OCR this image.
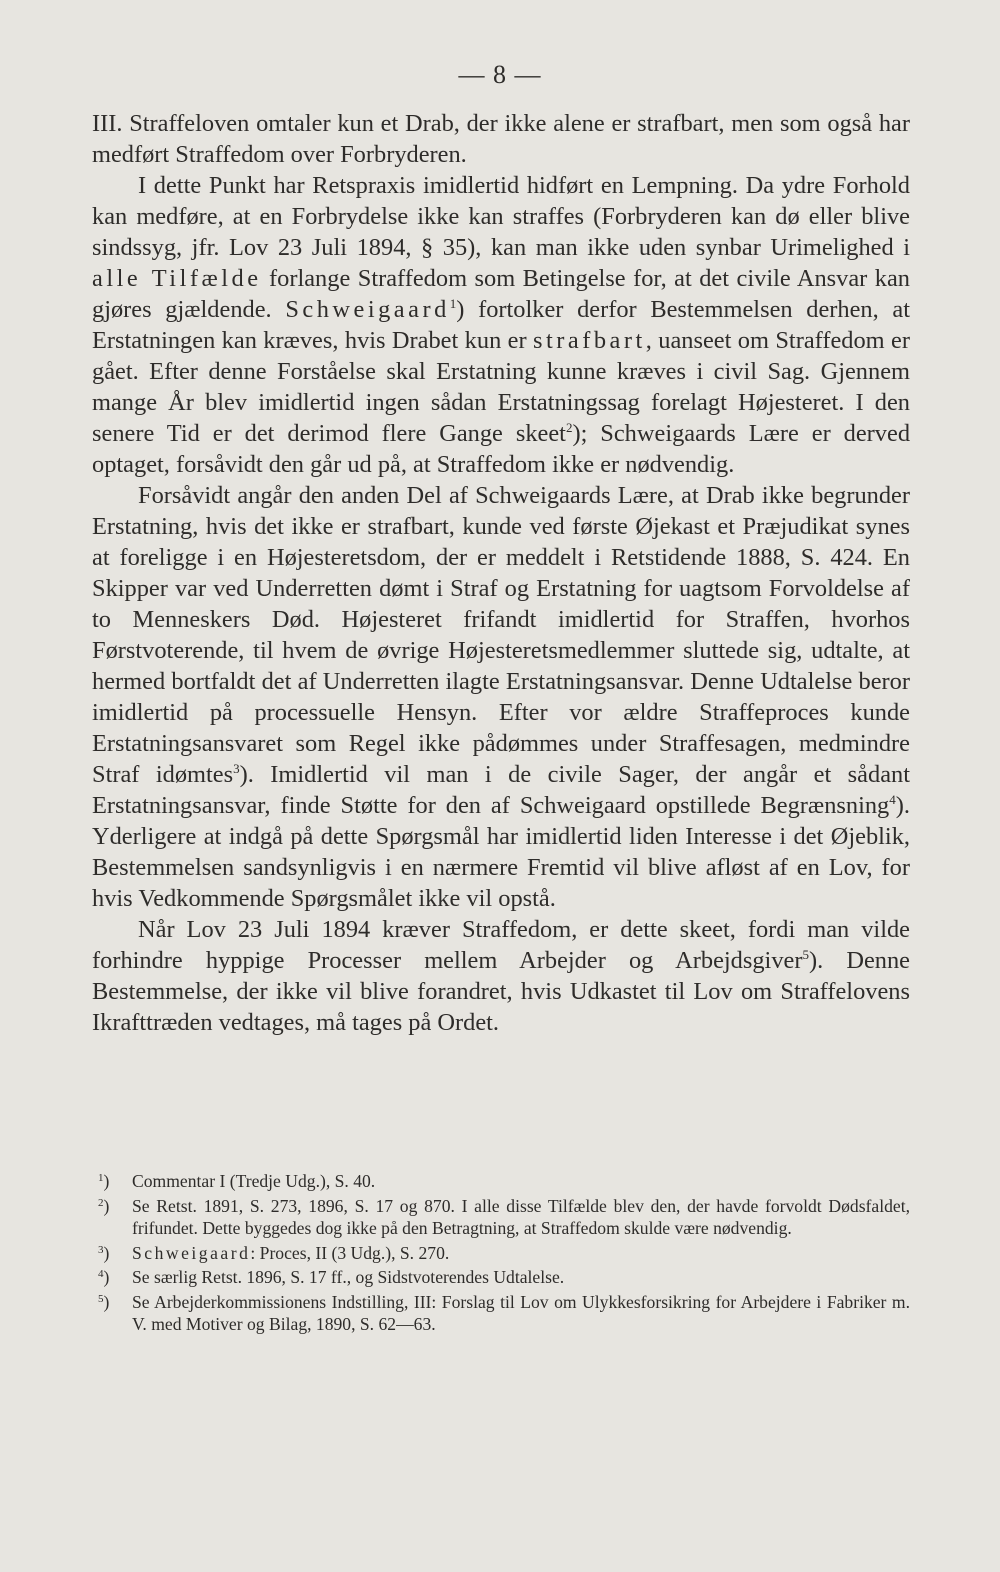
— 8 —

III. Straffeloven omtaler kun et Drab, der ikke alene er strafbart, men som også har medført Straffedom over Forbryderen.

I dette Punkt har Retspraxis imidlertid hidført en Lempning. Da ydre Forhold kan medføre, at en Forbrydelse ikke kan straffes (Forbryderen kan dø eller blive sindssyg, jfr. Lov 23 Juli 1894, § 35), kan man ikke uden synbar Urimelighed i alle Tilfælde forlange Straffedom som Betingelse for, at det civile Ansvar kan gjøres gjældende. Schweigaard$^1$) fortolker derfor Bestemmelsen derhen, at Erstatningen kan kræves, hvis Drabet kun er strafbart, uanseet om Straffedom er gået. Efter denne Forståelse skal Erstatning kunne kræves i civil Sag. Gjennem mange År blev imidlertid ingen sådan Erstatningssag forelagt Højesteret. I den senere Tid er det derimod flere Gange skeet$^2$); Schweigaards Lære er derved optaget, forsåvidt den går ud på, at Straffedom ikke er nødvendig.

Forsåvidt angår den anden Del af Schweigaards Lære, at Drab ikke begrunder Erstatning, hvis det ikke er strafbart, kunde ved første Øjekast et Præjudikat synes at foreligge i en Højesteretsdom, der er meddelt i Retstidende 1888, S. 424. En Skipper var ved Underretten dømt i Straf og Erstatning for uagtsom Forvoldelse af to Menneskers Død. Højesteret frifandt imidlertid for Straffen, hvorhos Førstvoterende, til hvem de øvrige Højesteretsmedlemmer sluttede sig, udtalte, at hermed bortfaldt det af Underretten ilagte Erstatningsansvar. Denne Udtalelse beror imidlertid på processuelle Hensyn. Efter vor ældre Straffeproces kunde Erstatningsansvaret som Regel ikke pådømmes under Straffesagen, medmindre Straf idømtes$^3$). Imidlertid vil man i de civile Sager, der angår et sådant Erstatningsansvar, finde Støtte for den af Schweigaard opstillede Begrænsning$^4$). Yderligere at indgå på dette Spørgsmål har imidlertid liden Interesse i det Øjeblik, Bestemmelsen sandsynligvis i en nærmere Fremtid vil blive afløst af en Lov, for hvis Vedkommende Spørgsmålet ikke vil opstå.

Når Lov 23 Juli 1894 kræver Straffedom, er dette skeet, fordi man vilde forhindre hyppige Processer mellem Arbejder og Arbejdsgiver$^5$). Denne Bestemmelse, der ikke vil blive forandret, hvis Udkastet til Lov om Straffelovens Ikrafttræden vedtages, må tages på Ordet.

$^1$) Commentar I (Tredje Udg.), S. 40.
$^2$) Se Retst. 1891, S. 273, 1896, S. 17 og 870. I alle disse Tilfælde blev den, der havde forvoldt Dødsfaldet, frifundet. Dette byggedes dog ikke på den Betragtning, at Straffedom skulde være nødvendig.
$^3$) Schweigaard: Proces, II (3 Udg.), S. 270.
$^4$) Se særlig Retst. 1896, S. 17 ff., og Sidstvoterendes Udtalelse.
$^5$) Se Arbejderkommissionens Indstilling, III: Forslag til Lov om Ulykkesforsikring for Arbejdere i Fabriker m. V. med Motiver og Bilag, 1890, S. 62—63.
